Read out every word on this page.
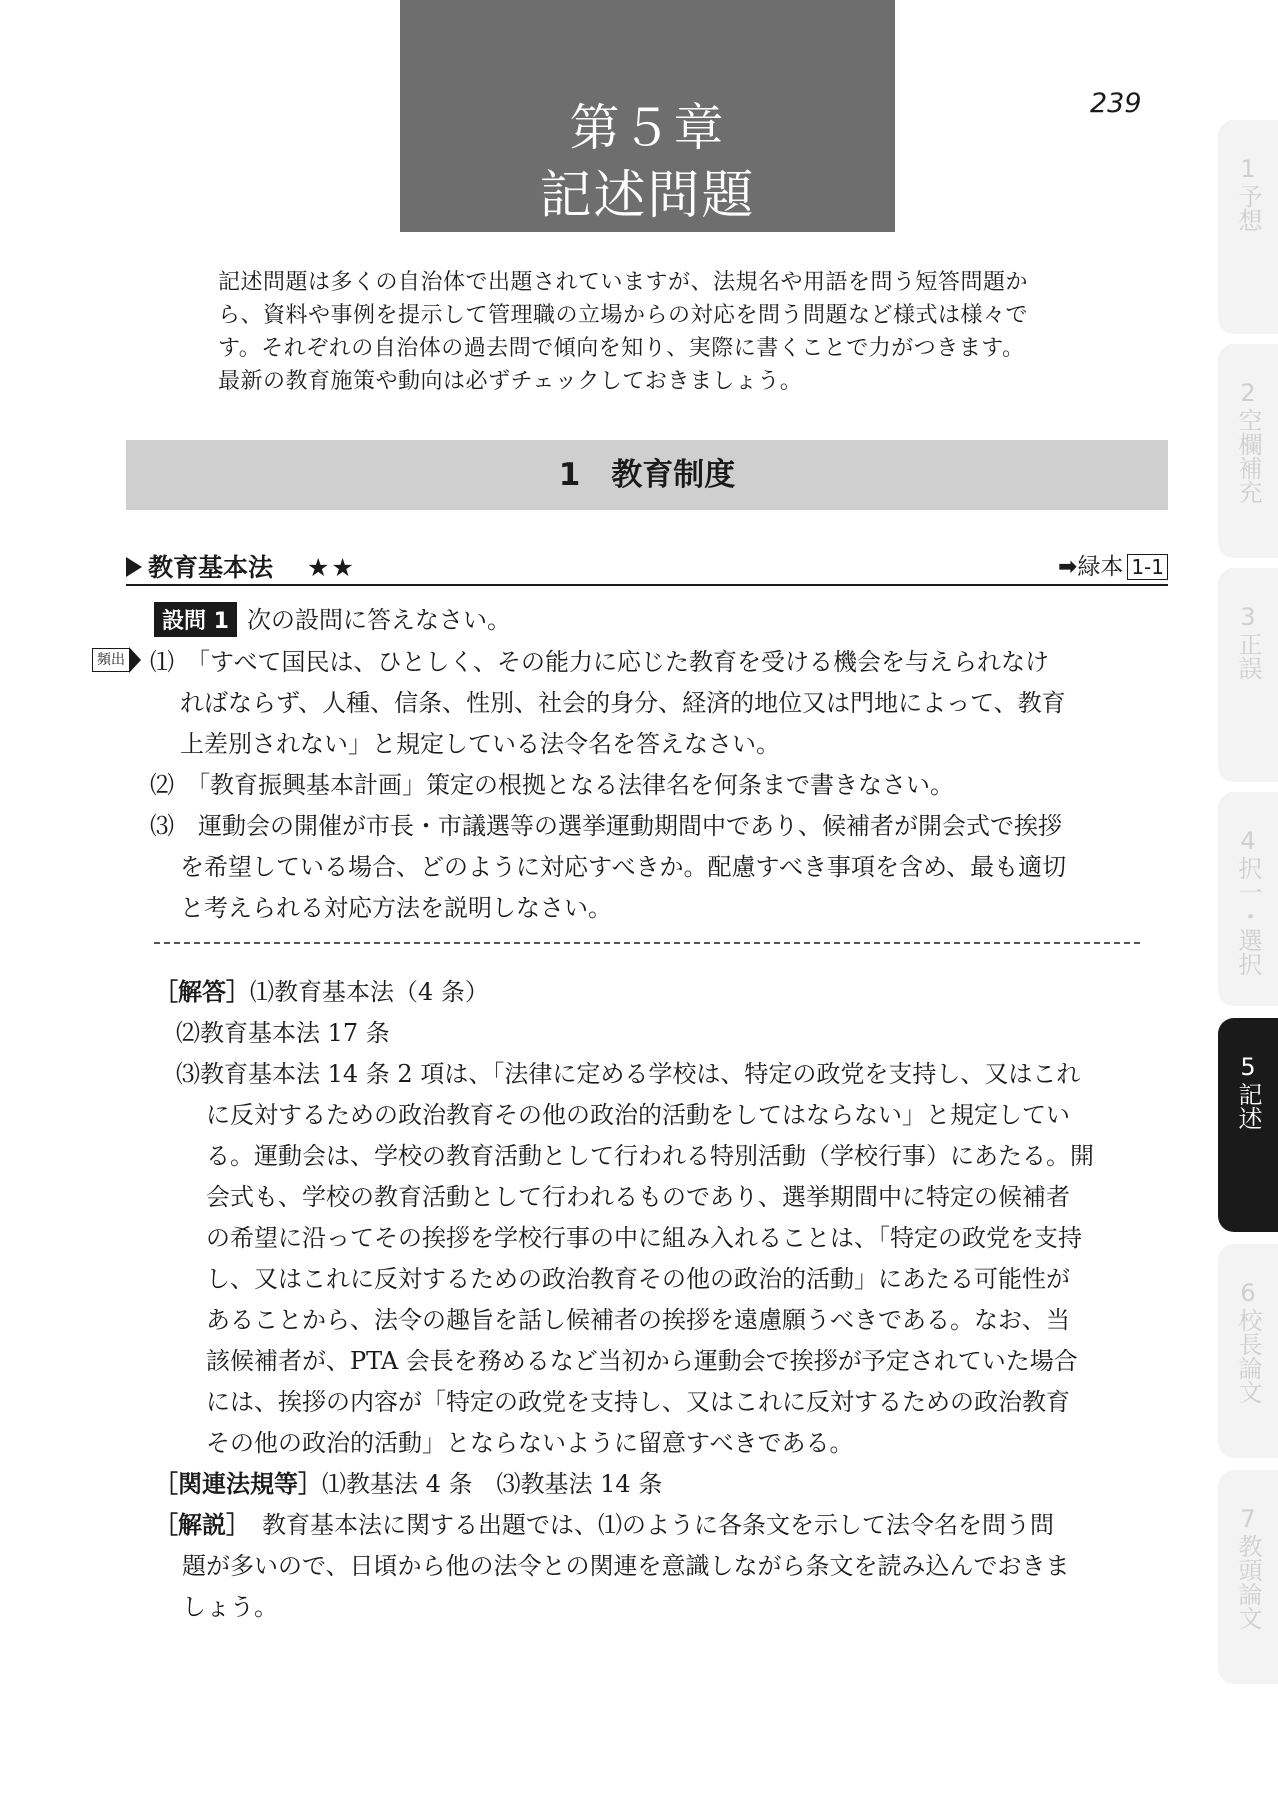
第５章
記述問題
239
記述問題は多くの自治体で出題されていますが、法規名や用語を問う短答問題か
ら、資料や事例を提示して管理職の立場からの対応を問う問題など様式は様々で
す。それぞれの自治体の過去問で傾向を知り、実際に書くことで力がつきます。
最新の教育施策や動向は必ずチェックしておきましょう。
1　教育制度
教育基本法 ★★	➡緑本 1-1
設問 1 次の設問に答えなさい。
頻出 ⑴　「すべて国民は、ひとしく、その能力に応じた教育を受ける機会を与えられなけ
ればならず、人種、信条、性別、社会的身分、経済的地位又は門地によって、教育
上差別されない」と規定している法令名を答えなさい。
⑵　「教育振興基本計画」策定の根拠となる法律名を何条まで書きなさい。
⑶　運動会の開催が市長・市議選等の選挙運動期間中であり、候補者が開会式で挨拶
を希望している場合、どのように対応すべきか。配慮すべき事項を含め、最も適切
と考えられる対応方法を説明しなさい。
［解答］⑴教育基本法（4 条）
⑵教育基本法 17 条
⑶教育基本法 14 条 2 項は、「法律に定める学校は、特定の政党を支持し、又はこれ
に反対するための政治教育その他の政治的活動をしてはならない」と規定してい
る。運動会は、学校の教育活動として行われる特別活動（学校行事）にあたる。開
会式も、学校の教育活動として行われるものであり、選挙期間中に特定の候補者
の希望に沿ってその挨拶を学校行事の中に組み入れることは、「特定の政党を支持
し、又はこれに反対するための政治教育その他の政治的活動」にあたる可能性が
あることから、法令の趣旨を話し候補者の挨拶を遠慮願うべきである。なお、当
該候補者が、PTA 会長を務めるなど当初から運動会で挨拶が予定されていた場合
には、挨拶の内容が「特定の政党を支持し、又はこれに反対するための政治教育
その他の政治的活動」とならないように留意すべきである。
［関連法規等］⑴教基法 4 条　⑶教基法 14 条
［解説］　 教育基本法に関する出題では、⑴のように各条文を示して法令名を問う問
題が多いので、日頃から他の法令との関連を意識しながら条文を読み込んでおきま
しょう。
1
予想
2
空欄補充
3
正誤
4
択一・選択
5
記述
6
校長論文
7
教頭論文
